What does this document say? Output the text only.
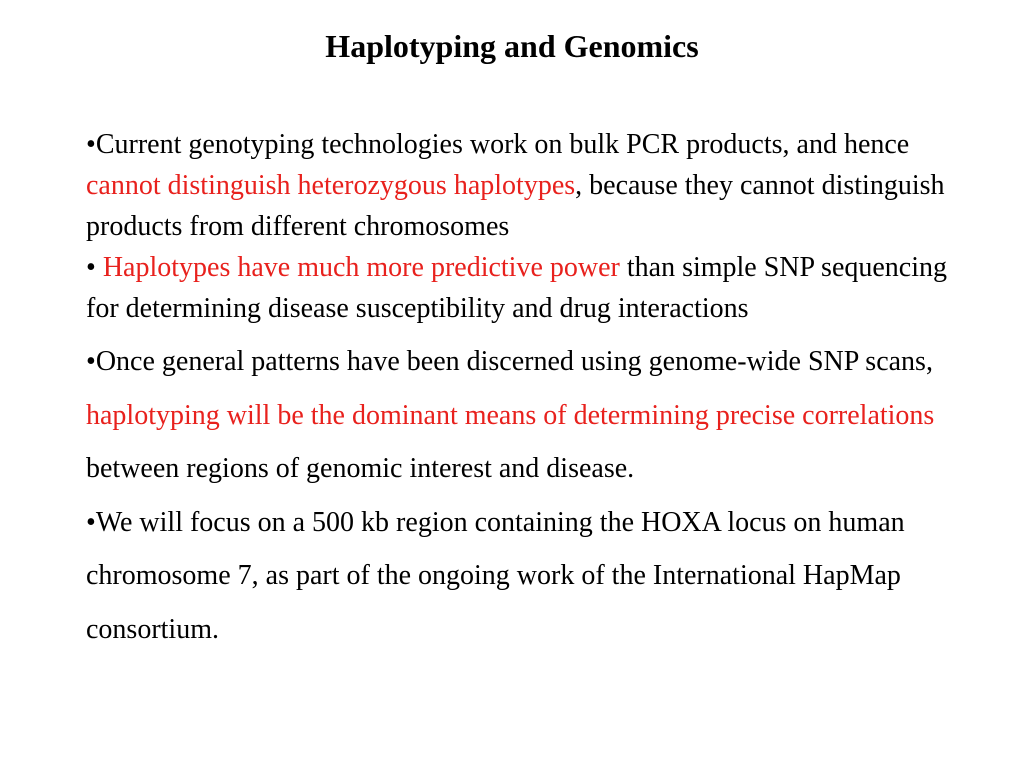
Haplotyping and Genomics
•Current genotyping technologies work on bulk PCR products, and hence cannot distinguish heterozygous haplotypes, because they cannot distinguish products from different chromosomes
• Haplotypes have much more predictive power than simple SNP sequencing for determining disease susceptibility and drug interactions
•Once general patterns have been discerned using genome-wide SNP scans, haplotyping will be the dominant means of determining precise correlations between regions of genomic interest and disease.
•We will focus on a 500 kb region containing the HOXA locus on human chromosome 7, as part of the ongoing work of the International HapMap consortium.
